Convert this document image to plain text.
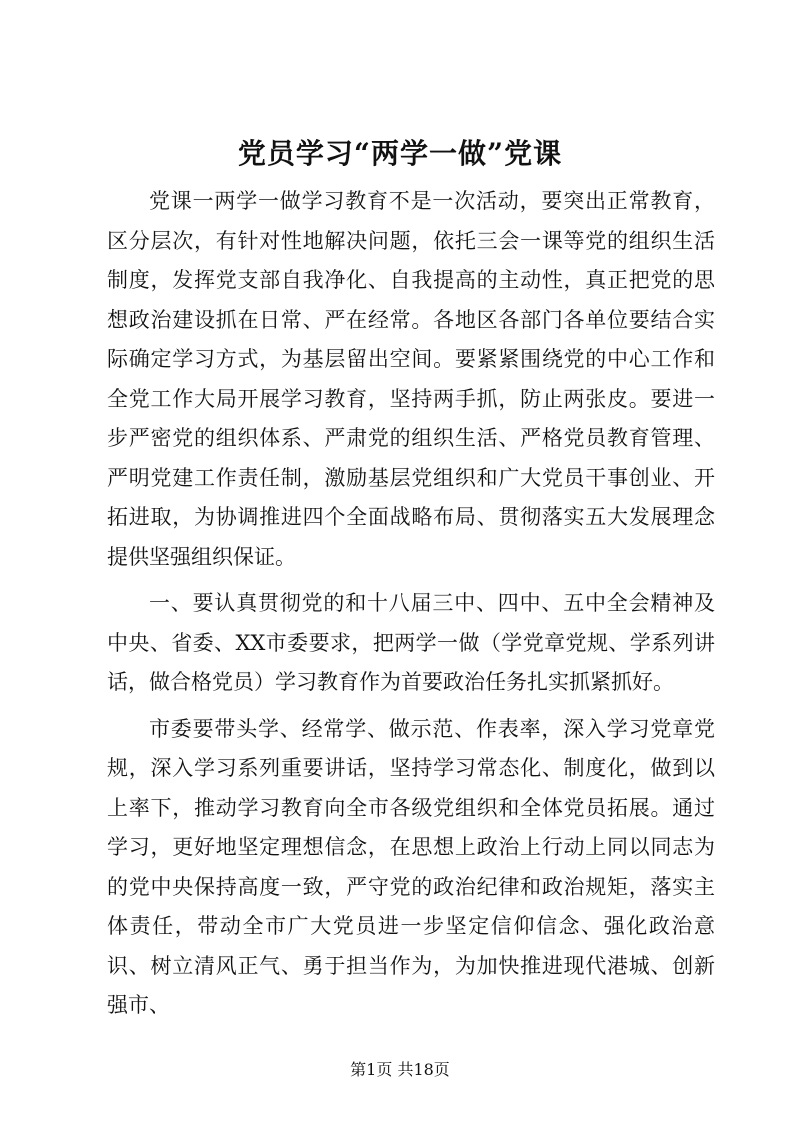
党员学习“两学一做”党课

党课一两学一做学习教育不是一次活动，要突出正常教育，区分层次，有针对性地解决问题，依托三会一课等党的组织生活制度，发挥党支部自我净化、自我提高的主动性，真正把党的思想政治建设抓在日常、严在经常。各地区各部门各单位要结合实际确定学习方式，为基层留出空间。要紧紧围绕党的中心工作和全党工作大局开展学习教育，坚持两手抓，防止两张皮。要进一步严密党的组织体系、严肃党的组织生活、严格党员教育管理、严明党建工作责任制，激励基层党组织和广大党员干事创业、开拓进取，为协调推进四个全面战略布局、贯彻落实五大发展理念提供坚强组织保证。

一、要认真贯彻党的和十八届三中、四中、五中全会精神及中央、省委、XX市委要求，把两学一做（学党章党规、学系列讲话，做合格党员）学习教育作为首要政治任务扎实抓紧抓好。

市委要带头学、经常学、做示范、作表率，深入学习党章党规，深入学习系列重要讲话，坚持学习常态化、制度化，做到以上率下，推动学习教育向全市各级党组织和全体党员拓展。通过学习，更好地坚定理想信念，在思想上政治上行动上同以同志为的党中央保持高度一致，严守党的政治纪律和政治规矩，落实主体责任，带动全市广大党员进一步坚定信仰信念、强化政治意识、树立清风正气、勇于担当作为，为加快推进现代港城、创新强市、

第1页 共18页
